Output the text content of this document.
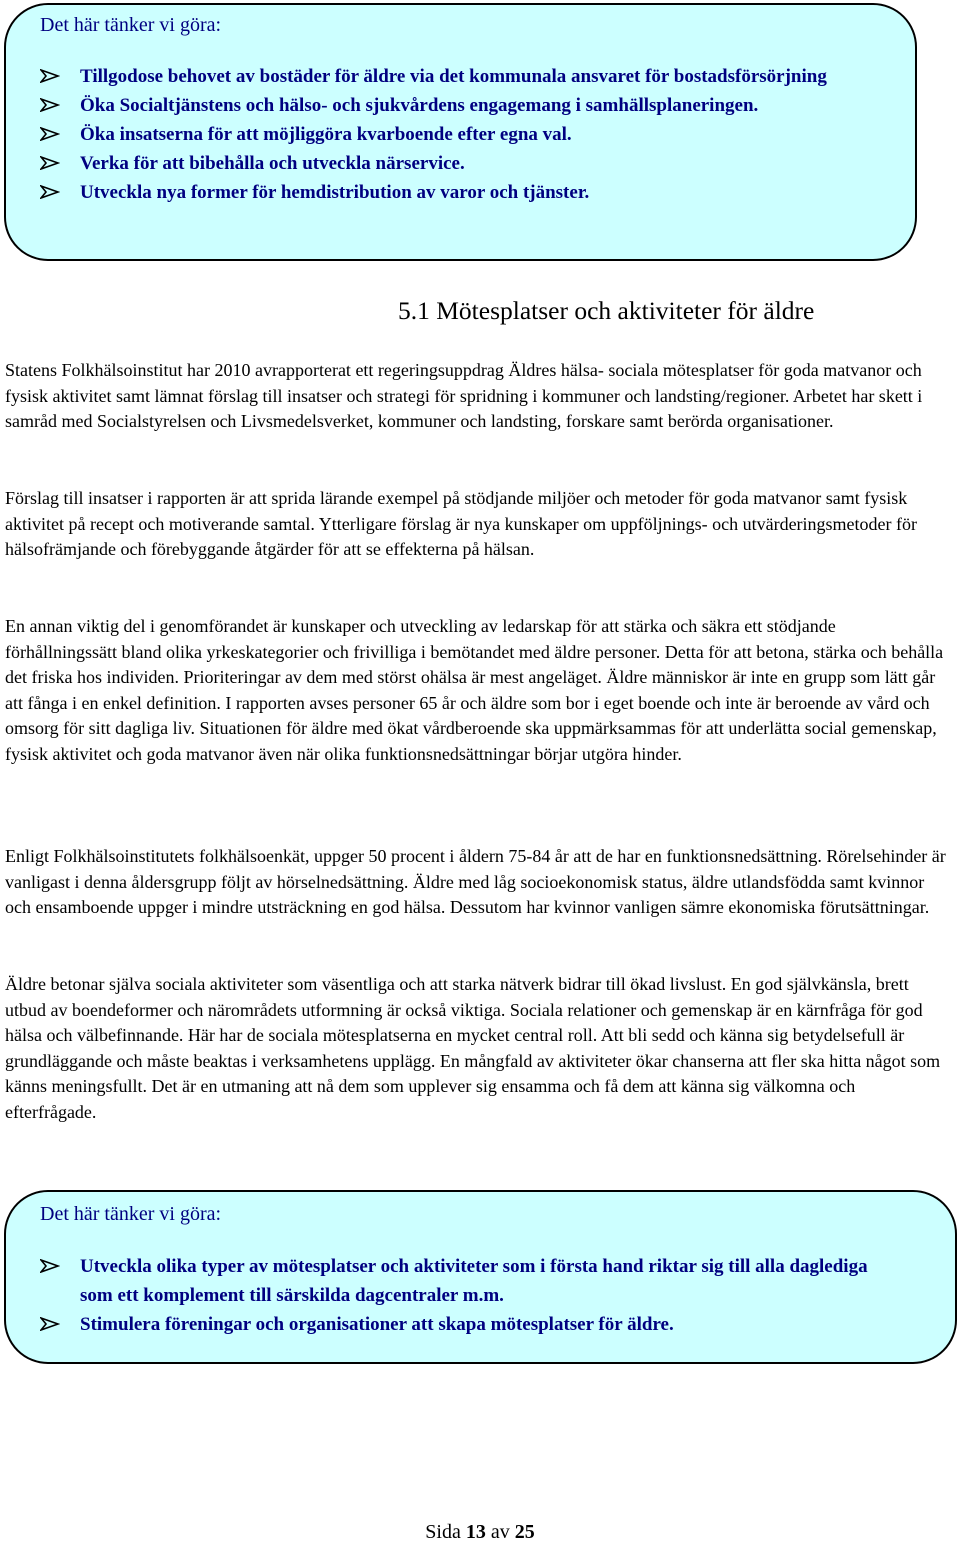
Det här tänker vi göra:
Tillgodose behovet av bostäder för äldre via det kommunala ansvaret för bostadsförsörjning
Öka Socialtjänstens och hälso- och sjukvårdens engagemang i samhällsplaneringen.
Öka insatserna för att möjliggöra kvarboende efter egna val.
Verka för att bibehålla och utveckla närservice.
Utveckla nya former för hemdistribution av varor och tjänster.
5.1 Mötesplatser och aktiviteter för äldre

Statens Folkhälsoinstitut har 2010 avrapporterat ett regeringsuppdrag Äldres hälsa- sociala mötesplatser för goda matvanor och fysisk aktivitet samt lämnat förslag till insatser och strategi för spridning i kommuner och landsting/regioner. Arbetet har skett i samråd med Socialstyrelsen och Livsmedelsverket, kommuner och landsting, forskare samt berörda organisationer.

Förslag till insatser i rapporten är att sprida lärande exempel på stödjande miljöer och metoder för goda matvanor samt fysisk aktivitet på recept och motiverande samtal. Ytterligare förslag är nya kunskaper om uppföljnings- och utvärderingsmetoder för hälsofrämjande och förebyggande åtgärder för att se effekterna på hälsan.

En annan viktig del i genomförandet är kunskaper och utveckling av ledarskap för att stärka och säkra ett stödjande förhållningssätt bland olika yrkeskategorier och frivilliga i bemötandet med äldre personer. Detta för att betona, stärka och behålla det friska hos individen. Prioriteringar av dem med störst ohälsa är mest angeläget. Äldre människor är inte en grupp som lätt går att fånga i en enkel definition. I rapporten avses personer 65 år och äldre som bor i eget boende och inte är beroende av vård och omsorg för sitt dagliga liv. Situationen för äldre med ökat vårdberoende ska uppmärksammas för att underlätta social gemenskap, fysisk aktivitet och goda matvanor även när olika funktionsnedsättningar börjar utgöra hinder.

Enligt Folkhälsoinstitutets folkhälsoenkät, uppger 50 procent i åldern 75-84 år att de har en funktionsnedsättning. Rörelsehinder är vanligast i denna åldersgrupp följt av hörselnedsättning. Äldre med låg socioekonomisk status, äldre utlandsfödda samt kvinnor och ensamboende uppger i mindre utsträckning en god hälsa. Dessutom har kvinnor vanligen sämre ekonomiska förutsättningar.

Äldre betonar själva sociala aktiviteter som väsentliga och att starka nätverk bidrar till ökad livslust. En god självkänsla, brett utbud av boendeformer och närområdets utformning är också viktiga. Sociala relationer och gemenskap är en kärnfråga för god hälsa och välbefinnande. Här har de sociala mötesplatserna en mycket central roll. Att bli sedd och känna sig betydelsefull är grundläggande och måste beaktas i verksamhetens upplägg. En mångfald av aktiviteter ökar chanserna att fler ska hitta något som känns meningsfullt. Det är en utmaning att nå dem som upplever sig ensamma och få dem att känna sig välkomna och efterfrågade.

Det här tänker vi göra:
Utveckla olika typer av mötesplatser och aktiviteter som i första hand riktar sig till alla daglediga som ett komplement till särskilda dagcentraler m.m.
Stimulera föreningar och organisationer att skapa mötesplatser för äldre.
Sida 13 av 25
